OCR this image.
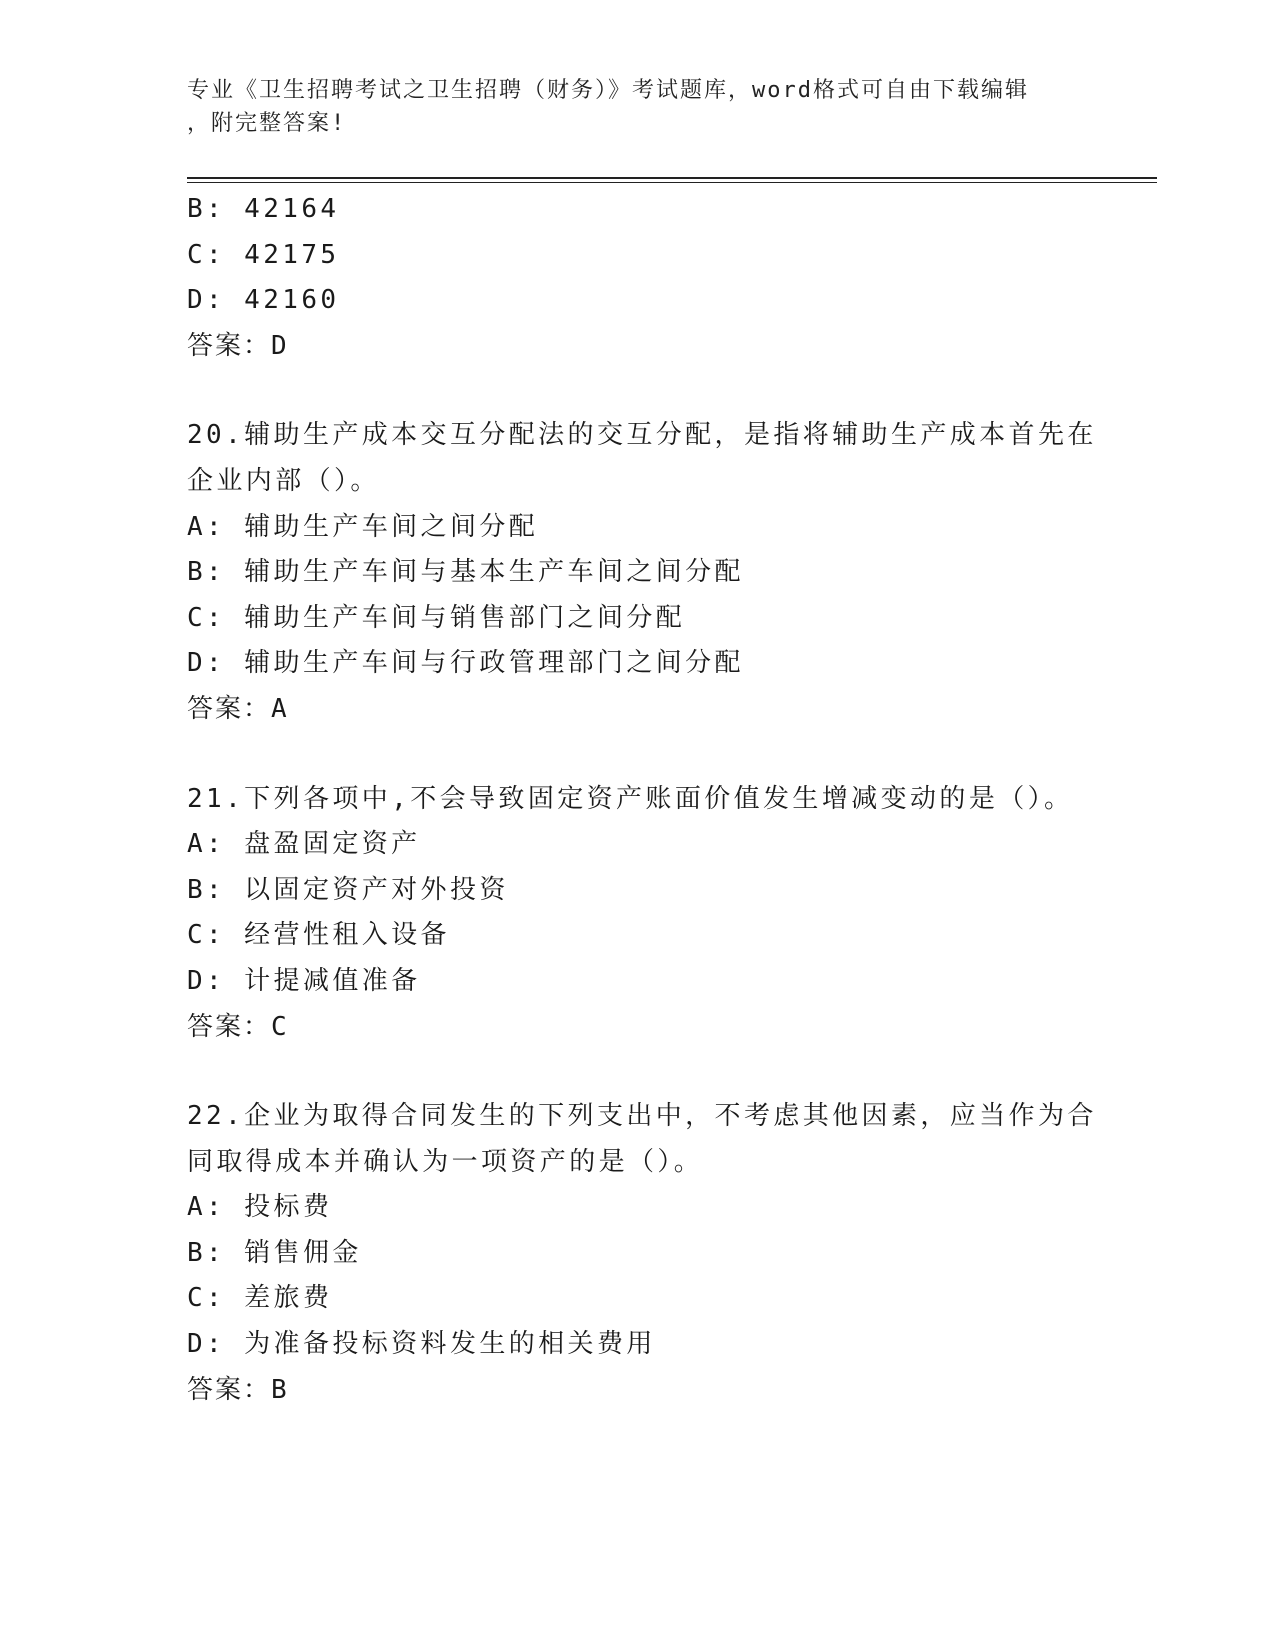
专业《卫生招聘考试之卫生招聘（财务）》考试题库，word格式可自由下载编辑
，附完整答案!
B: 42164
C: 42175
D: 42160
答案：D
20.辅助生产成本交互分配法的交互分配，是指将辅助生产成本首先在
企业内部（）。
A: 辅助生产车间之间分配
B: 辅助生产车间与基本生产车间之间分配
C: 辅助生产车间与销售部门之间分配
D: 辅助生产车间与行政管理部门之间分配
答案：A
21.下列各项中,不会导致固定资产账面价值发生增减变动的是（）。
A: 盘盈固定资产
B: 以固定资产对外投资
C: 经营性租入设备
D: 计提减值准备
答案：C
22.企业为取得合同发生的下列支出中，不考虑其他因素，应当作为合
同取得成本并确认为一项资产的是（）。
A: 投标费
B: 销售佣金
C: 差旅费
D: 为准备投标资料发生的相关费用
答案：B
